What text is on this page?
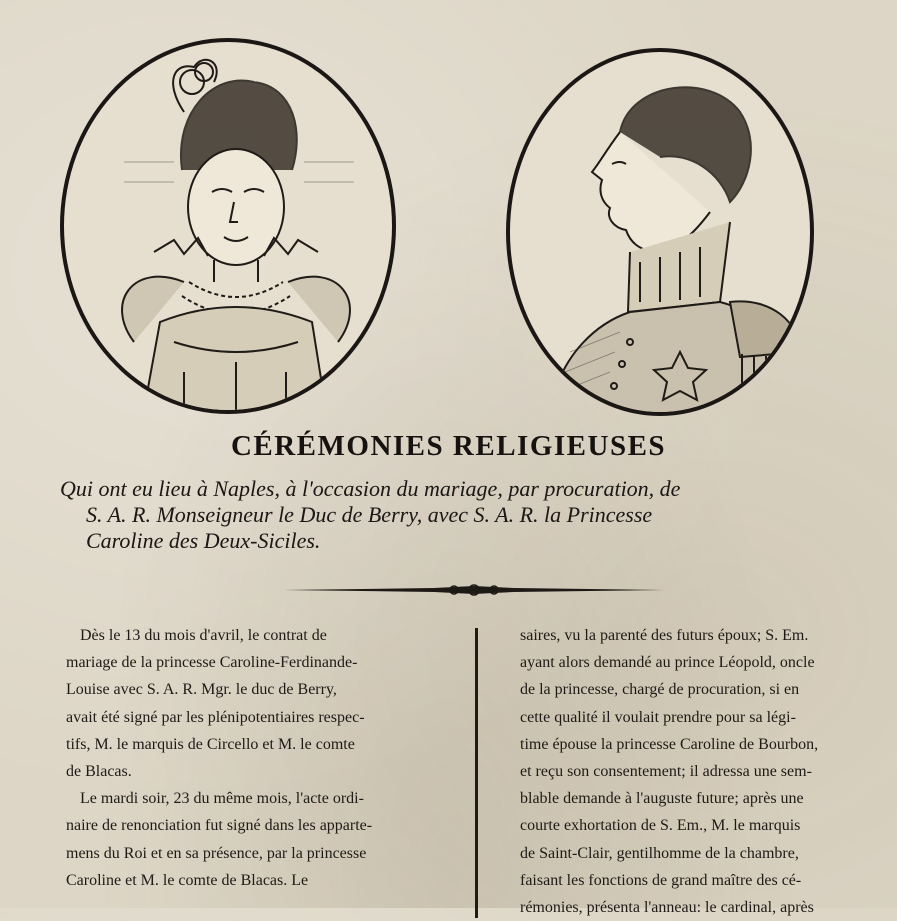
CÉRÉMONIES RELIGIEUSES
Qui ont eu lieu à Naples, à l'occasion du mariage, par procuration, de
S. A. R. Monseigneur le Duc de Berry, avec S. A. R. la Princesse
Caroline des Deux-Siciles.
Dès le 13 du mois d'avril, le contrat de
mariage de la princesse Caroline-Ferdinande-
Louise avec S. A. R. Mgr. le duc de Berry,
avait été signé par les plénipotentiaires respec-
tifs, M. le marquis de Circello et M. le comte
de Blacas.
Le mardi soir, 23 du même mois, l'acte ordi-
naire de renonciation fut signé dans les apparte-
mens du Roi et en sa présence, par la princesse
Caroline et M. le comte de Blacas. Le
saires, vu la parenté des futurs époux; S. Em.
ayant alors demandé au prince Léopold, oncle
de la princesse, chargé de procuration, si en
cette qualité il voulait prendre pour sa légi-
time épouse la princesse Caroline de Bourbon,
et reçu son consentement; il adressa une sem-
blable demande à l'auguste future; après une
courte exhortation de S. Em., M. le marquis
de Saint-Clair, gentilhomme de la chambre,
faisant les fonctions de grand maître des cé-
rémonies, présenta l'anneau: le cardinal, après
